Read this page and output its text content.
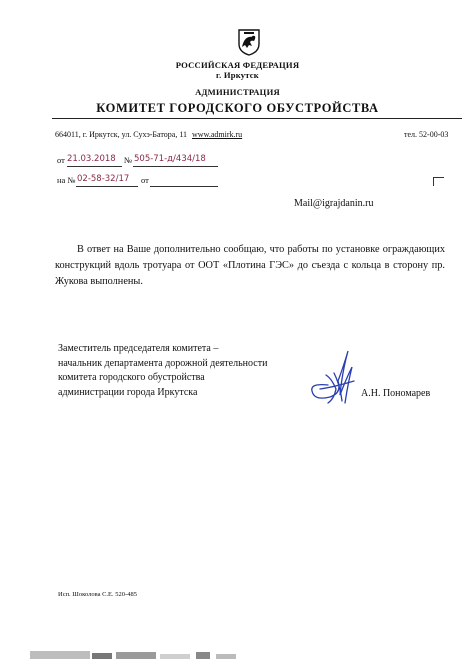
РОССИЙСКАЯ ФЕДЕРАЦИЯ
г. Иркутск
АДМИНИСТРАЦИЯ
КОМИТЕТ ГОРОДСКОГО ОБУСТРОЙСТВА
664011, г. Иркутск, ул. Сухэ-Батора, 11 www.admirk.ru	тел. 52-00-03
от 21.03.2018 № 505-71-д/434/18
на № 02-58-32/17 от
Mail@igrajdanin.ru
В ответ на Ваше дополнительно сообщаю, что работы по установке ограждающих конструкций вдоль тротуара от ООТ «Плотина ГЭС» до съезда с кольца в сторону пр. Жукова выполнены.
Заместитель председателя комитета –
начальник департамента дорожной деятельности
комитета городского обустройства
администрации города Иркутска	А.Н. Пономарев
Исп. Шоколова С.Е. 520-485
